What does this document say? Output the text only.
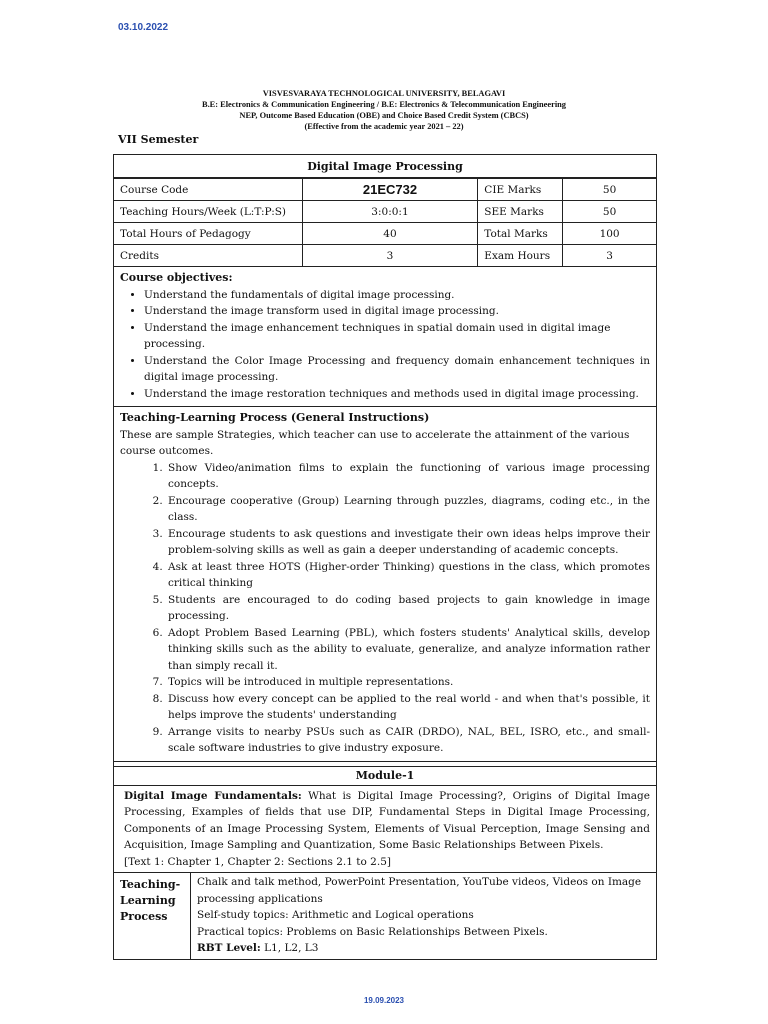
03.10.2022
VISVESVARAYA TECHNOLOGICAL UNIVERSITY, BELAGAVI
B.E: Electronics & Communication Engineering / B.E: Electronics & Telecommunication Engineering
NEP, Outcome Based Education (OBE) and Choice Based Credit System (CBCS)
(Effective from the academic year 2021 – 22)
VII Semester
Digital Image Processing
Course Code	21EC732	CIE Marks	50
Teaching Hours/Week (L:T:P:S)	3:0:0:1	SEE Marks	50
Total Hours of Pedagogy	40	Total Marks	100
Credits	3	Exam Hours	3
Course objectives:
• Understand the fundamentals of digital image processing.
• Understand the image transform used in digital image processing.
• Understand the image enhancement techniques in spatial domain used in digital image processing.
• Understand the Color Image Processing and frequency domain enhancement techniques in digital image processing.
• Understand the image restoration techniques and methods used in digital image processing.
Teaching-Learning Process (General Instructions)
These are sample Strategies, which teacher can use to accelerate the attainment of the various course outcomes.
1. Show Video/animation films to explain the functioning of various image processing concepts.
2. Encourage cooperative (Group) Learning through puzzles, diagrams, coding etc., in the class.
3. Encourage students to ask questions and investigate their own ideas helps improve their problem-solving skills as well as gain a deeper understanding of academic concepts.
4. Ask at least three HOTS (Higher-order Thinking) questions in the class, which promotes critical thinking
5. Students are encouraged to do coding based projects to gain knowledge in image processing.
6. Adopt Problem Based Learning (PBL), which fosters students' Analytical skills, develop thinking skills such as the ability to evaluate, generalize, and analyze information rather than simply recall it.
7. Topics will be introduced in multiple representations.
8. Discuss how every concept can be applied to the real world - and when that's possible, it helps improve the students' understanding
9. Arrange visits to nearby PSUs such as CAIR (DRDO), NAL, BEL, ISRO, etc., and small-scale software industries to give industry exposure.
Module-1
Digital Image Fundamentals: What is Digital Image Processing?, Origins of Digital Image Processing, Examples of fields that use DIP, Fundamental Steps in Digital Image Processing, Components of an Image Processing System, Elements of Visual Perception, Image Sensing and Acquisition, Image Sampling and Quantization, Some Basic Relationships Between Pixels.
[Text 1: Chapter 1, Chapter 2: Sections 2.1 to 2.5]
Teaching-Learning Process
Chalk and talk method, PowerPoint Presentation, YouTube videos, Videos on Image processing applications
Self-study topics: Arithmetic and Logical operations
Practical topics: Problems on Basic Relationships Between Pixels.
RBT Level: L1, L2, L3
19.09.2023
